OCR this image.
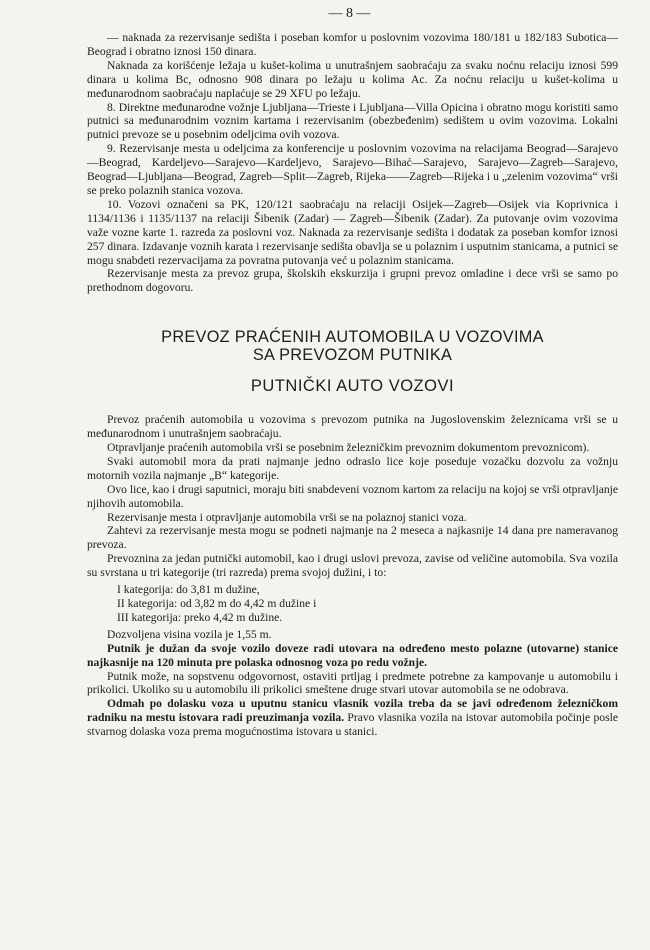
— 8 —

— naknada za rezervisanje sedišta i poseban komfor u poslovnim vozovima 180/181 u 182/183 Subotica—Beograd i obratno iznosi 150 dinara.

Naknada za korišćenje ležaja u kušet-kolima u unutrašnjem saobraćaju za svaku noćnu relaciju iznosi 599 dinara u kolima Bc, odnosno 908 dinara po ležaju u kolima Ac. Za noćnu relaciju u kušet-kolima u međunarodnom saobraćaju naplaćuje se 29 XFU po ležaju.

8. Direktne međunarodne vožnje Ljubljana—Trieste i Ljubljana—Villa Opicina i obratno mogu koristiti samo putnici sa međunarodnim voznim kartama i rezervisanim (obezbeđenim) sedištem u ovim vozovima. Lokalni putnici prevoze se u posebnim odeljcima ovih vozova.

9. Rezervisanje mesta u odeljcima za konferencije u poslovnim vozovima na relacijama Beograd—Sarajevo—Beograd, Kardeljevo—Sarajevo—Kardeljevo, Sarajevo—Bihać—Sarajevo, Sarajevo—Zagreb—Sarajevo, Beograd—Ljubljana—Beograd, Zagreb—Split—Zagreb, Rijeka——Zagreb—Rijeka i u „zelenim vozovima“ vrši se preko polaznih stanica vozova.

10. Vozovi označeni sa PK, 120/121 saobraćaju na relaciji Osijek—Zagreb—Osijek via Koprivnica i 1134/1136 i 1135/1137 na relaciji Šibenik (Zadar) — Zagreb—Šibenik (Zadar). Za putovanje ovim vozovima važe vozne karte 1. razreda za poslovni voz. Naknada za rezervisanje sedišta i dodatak za poseban komfor iznosi 257 dinara. Izdavanje voznih karata i rezervisanje sedišta obavlja se u polaznim i usputnim stanicama, a putnici se mogu snabdeti rezervacijama za povratna putovanja već u polaznim stanicama.

Rezervisanje mesta za prevoz grupa, školskih ekskurzija i grupni prevoz omladine i dece vrši se samo po prethodnom dogovoru.

PREVOZ PRAĆENIH AUTOMOBILA U VOZOVIMA
SA PREVOZOM PUTNIKA
PUTNIČKI AUTO VOZOVI

Prevoz praćenih automobila u vozovima s prevozom putnika na Jugoslovenskim železnicama vrši se u međunarodnom i unutrašnjem saobraćaju.

Otpravljanje praćenih automobila vrši se posebnim železničkim prevoznim dokumentom prevoznicom).

Svaki automobil mora da prati najmanje jedno odraslo lice koje poseduje vozačku dozvolu za vožnju motornih vozila najmanje „B“ kategorije.

Ovo lice, kao i drugi saputnici, moraju biti snabdeveni voznom kartom za relaciju na kojoj se vrši otpravljanje njihovih automobila.

Rezervisanje mesta i otpravljanje automobila vrši se na polaznoj stanici voza.

Zahtevi za rezervisanje mesta mogu se podneti najmanje na 2 meseca a najkasnije 14 dana pre nameravanog prevoza.

Prevoznina za jedan putnički automobil, kao i drugi uslovi prevoza, zavise od veličine automobila. Sva vozila su svrstana u tri kategorije (tri razreda) prema svojoj dužini, i to:

I kategorija: do 3,81 m dužine,
II kategorija: od 3,82 m do 4,42 m dužine i
III kategorija: preko 4,42 m dužine.

Dozvoljena visina vozila je 1,55 m.

Putnik je dužan da svoje vozilo doveze radi utovara na određeno mesto polazne (utovarne) stanice najkasnije na 120 minuta pre polaska odnosnog voza po redu vožnje.

Putnik može, na sopstvenu odgovornost, ostaviti prtljag i predmete potrebne za kampovanje u automobilu i prikolici. Ukoliko su u automobilu ili prikolici smeštene druge stvari utovar automobila se ne odobrava.

Odmah po dolasku voza u uputnu stanicu vlasnik vozila treba da se javi određenom železničkom radniku na mestu istovara radi preuzimanja vozila. Pravo vlasnika vozila na istovar automobila počinje posle stvarnog dolaska voza prema mogućnostima istovara u stanici.
